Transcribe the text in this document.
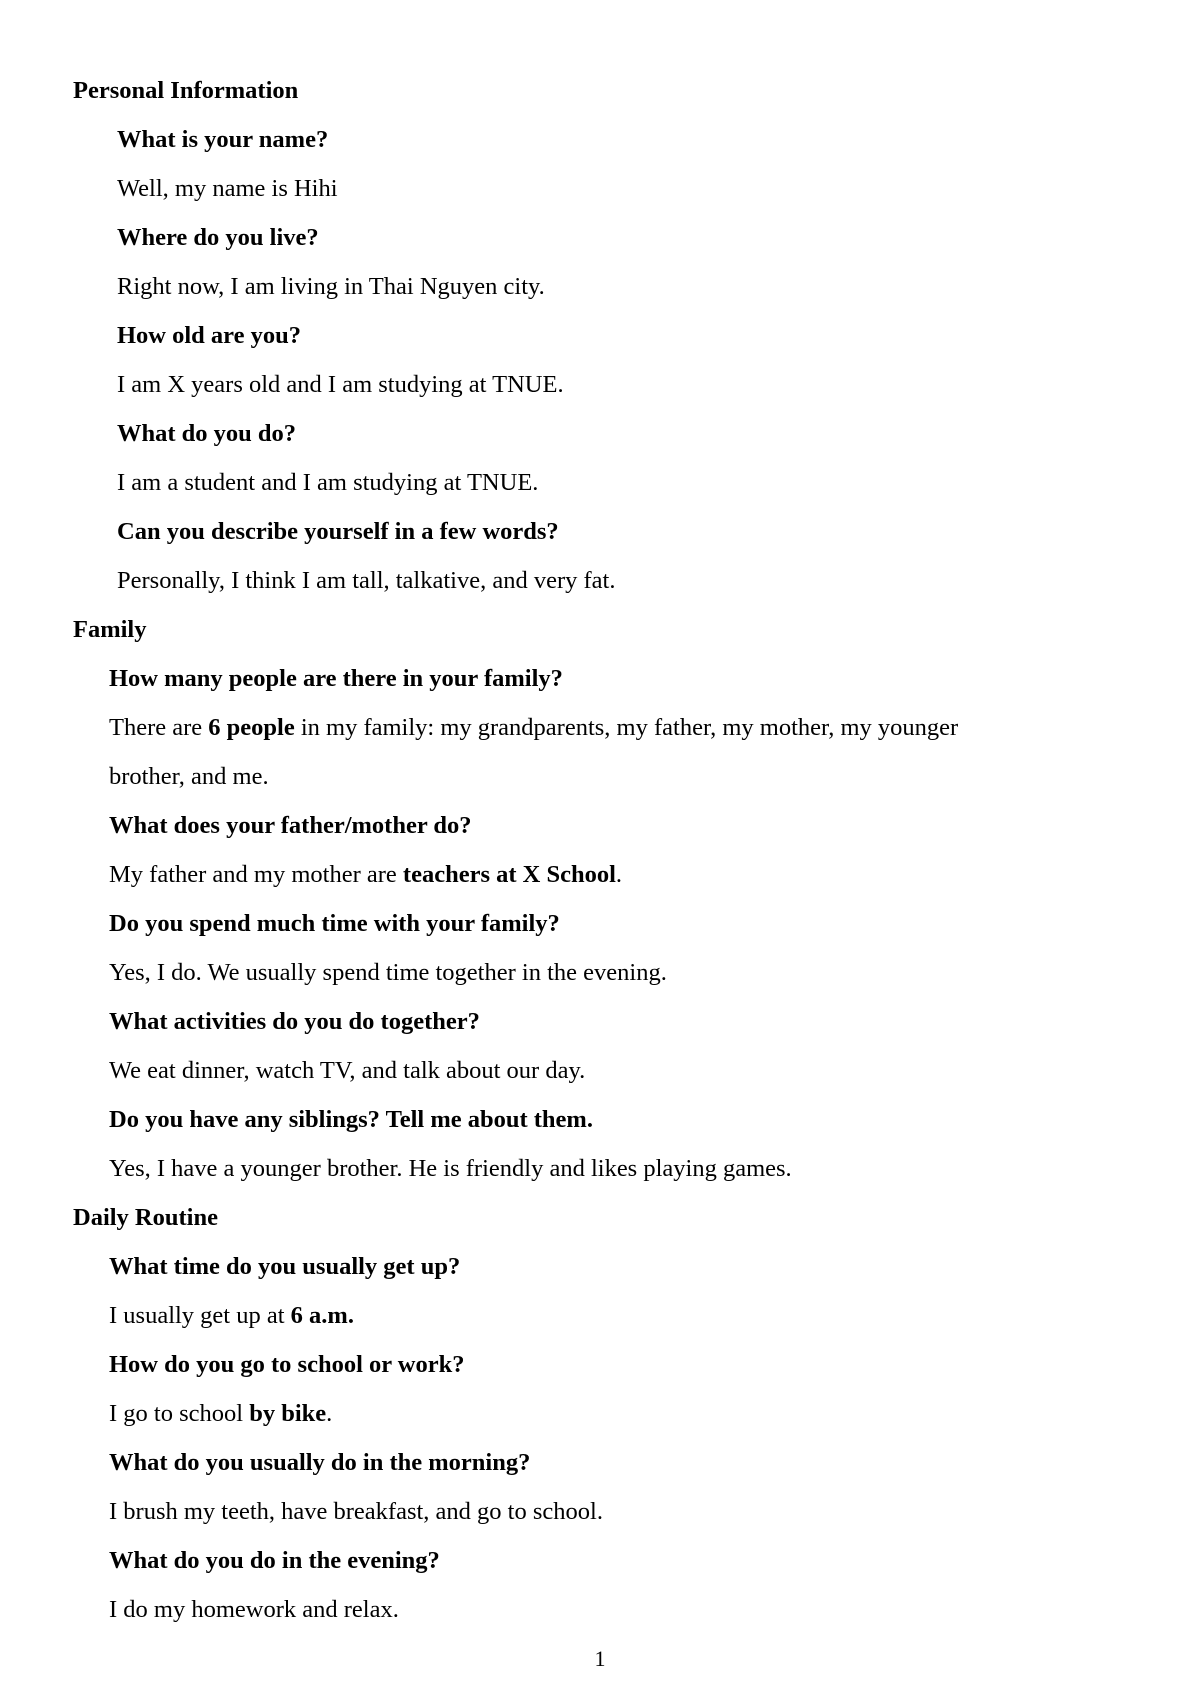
Personal Information
What is your name?
Well, my name is Hihi
Where do you live?
Right now, I am living in Thai Nguyen city.
How old are you?
I am X years old and I am studying at TNUE.
What do you do?
I am a student and I am studying at TNUE.
Can you describe yourself in a few words?
Personally, I think I am tall, talkative, and very fat.
Family
How many people are there in your family?
There are 6 people in my family: my grandparents, my father, my mother, my younger
brother, and me.
What does your father/mother do?
My father and my mother are teachers at X School.
Do you spend much time with your family?
Yes, I do. We usually spend time together in the evening.
What activities do you do together?
We eat dinner, watch TV, and talk about our day.
Do you have any siblings? Tell me about them.
Yes, I have a younger brother. He is friendly and likes playing games.
Daily Routine
What time do you usually get up?
I usually get up at 6 a.m.
How do you go to school or work?
I go to school by bike.
What do you usually do in the morning?
I brush my teeth, have breakfast, and go to school.
What do you do in the evening?
I do my homework and relax.
1
